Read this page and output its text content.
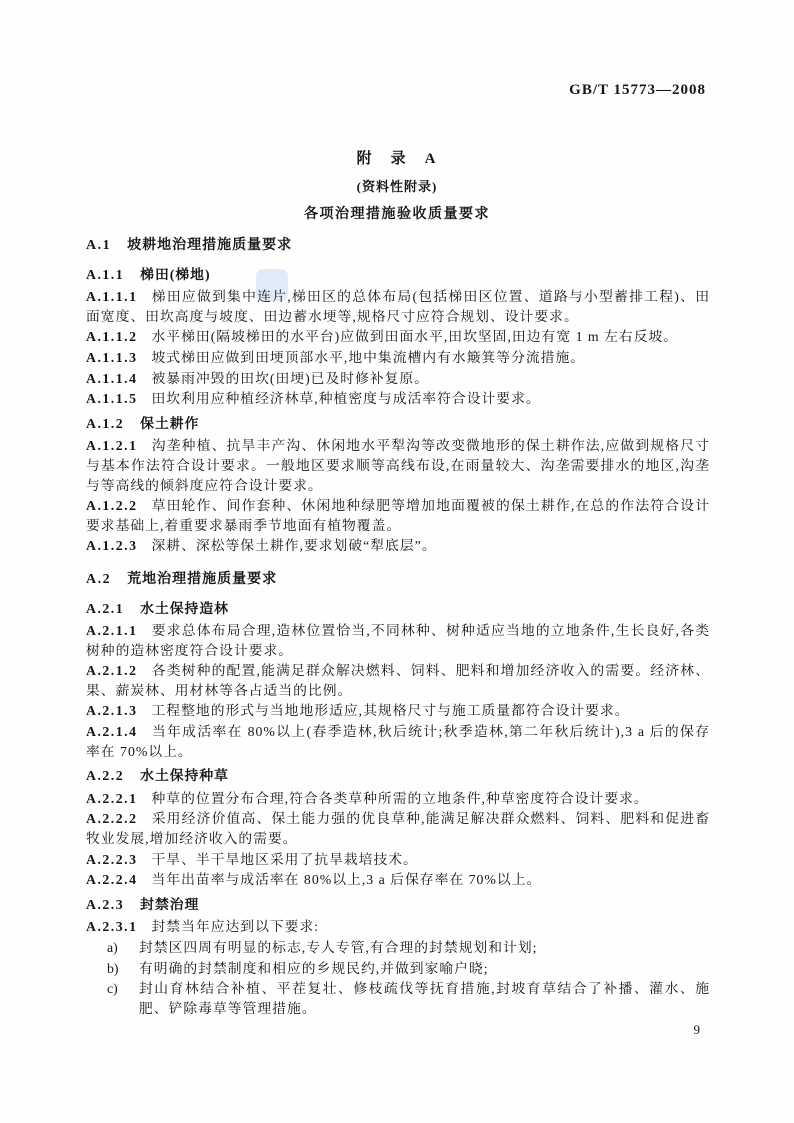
GB/T 15773—2008
附　录　A
(资料性附录)
各项治理措施验收质量要求
A.1 坡耕地治理措施质量要求
A.1.1 梯田(梯地)
A.1.1.1 梯田应做到集中连片,梯田区的总体布局(包括梯田区位置、道路与小型蓄排工程)、田面宽度、田坎高度与坡度、田边蓄水埂等,规格尺寸应符合规划、设计要求。
A.1.1.2 水平梯田(隔坡梯田的水平台)应做到田面水平,田坎坚固,田边有宽 1 m 左右反坡。
A.1.1.3 坡式梯田应做到田埂顶部水平,地中集流槽内有水簸箕等分流措施。
A.1.1.4 被暴雨冲毁的田坎(田埂)已及时修补复原。
A.1.1.5 田坎利用应种植经济林草,种植密度与成活率符合设计要求。
A.1.2 保土耕作
A.1.2.1 沟垄种植、抗旱丰产沟、休闲地水平犁沟等改变微地形的保土耕作法,应做到规格尺寸与基本作法符合设计要求。一般地区要求顺等高线布设,在雨量较大、沟垄需要排水的地区,沟垄与等高线的倾斜度应符合设计要求。
A.1.2.2 草田轮作、间作套种、休闲地种绿肥等增加地面覆被的保土耕作,在总的作法符合设计要求基础上,着重要求暴雨季节地面有植物覆盖。
A.1.2.3 深耕、深松等保土耕作,要求划破“犁底层”。
A.2 荒地治理措施质量要求
A.2.1 水土保持造林
A.2.1.1 要求总体布局合理,造林位置恰当,不同林种、树种适应当地的立地条件,生长良好,各类树种的造林密度符合设计要求。
A.2.1.2 各类树种的配置,能满足群众解决燃料、饲料、肥料和增加经济收入的需要。经济林、果、薪炭林、用材林等各占适当的比例。
A.2.1.3 工程整地的形式与当地地形适应,其规格尺寸与施工质量都符合设计要求。
A.2.1.4 当年成活率在 80%以上(春季造林,秋后统计;秋季造林,第二年秋后统计),3 a 后的保存率在 70%以上。
A.2.2 水土保持种草
A.2.2.1 种草的位置分布合理,符合各类草种所需的立地条件,种草密度符合设计要求。
A.2.2.2 采用经济价值高、保土能力强的优良草种,能满足解决群众燃料、饲料、肥料和促进畜牧业发展,增加经济收入的需要。
A.2.2.3 干旱、半干旱地区采用了抗旱栽培技术。
A.2.2.4 当年出苗率与成活率在 80%以上,3 a 后保存率在 70%以上。
A.2.3 封禁治理
A.2.3.1 封禁当年应达到以下要求:
a)	封禁区四周有明显的标志,专人专管,有合理的封禁规划和计划;
b)	有明确的封禁制度和相应的乡规民约,并做到家喻户晓;
c)	封山育林结合补植、平茬复壮、修枝疏伐等抚育措施,封坡育草结合了补播、灌水、施肥、铲除毒草等管理措施。
9
